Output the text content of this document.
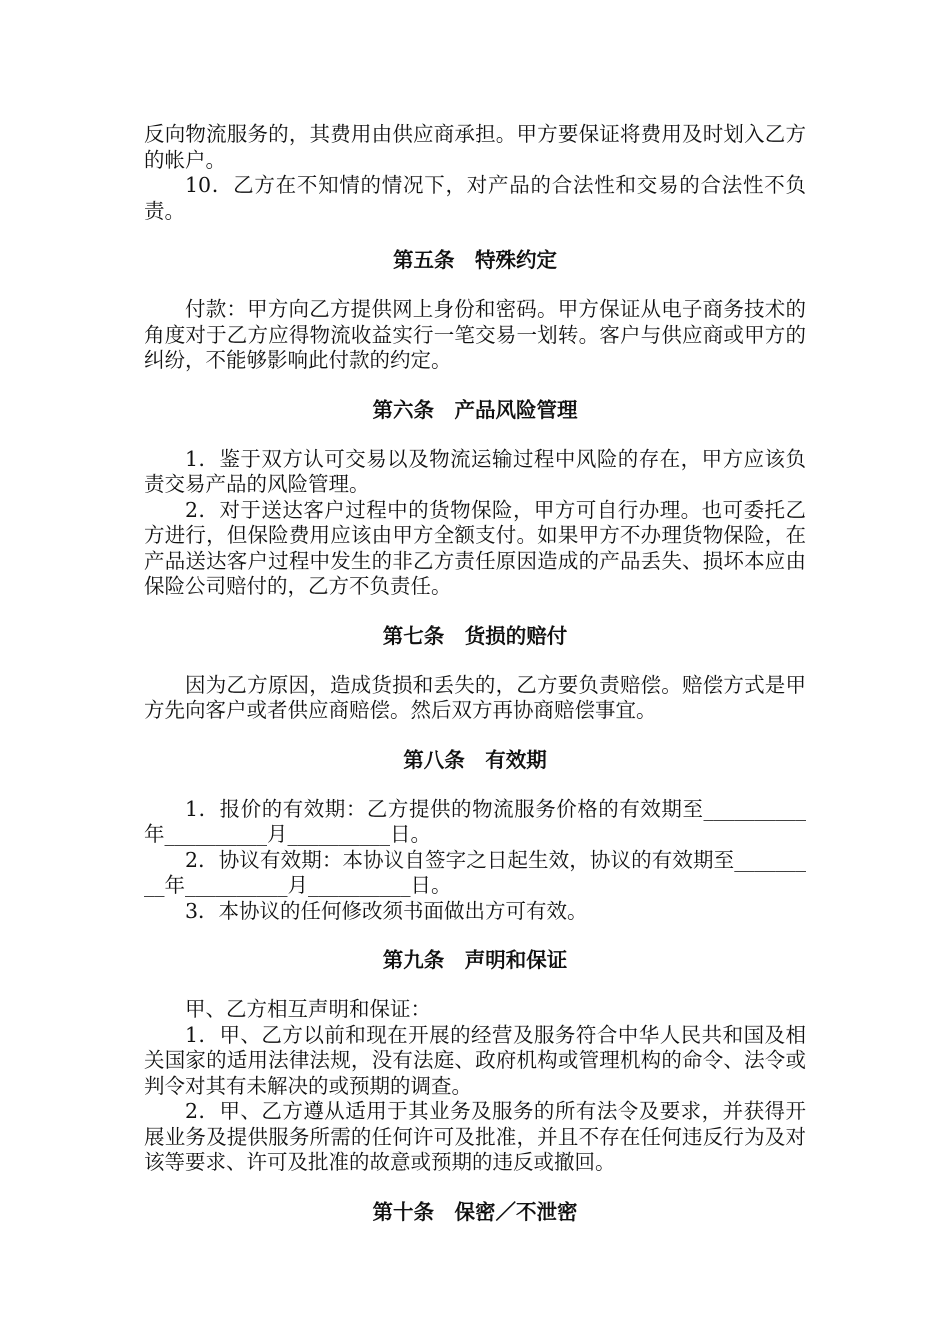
反向物流服务的，其费用由供应商承担。甲方要保证将费用及时划入乙方的帐户。

10．乙方在不知情的情况下，对产品的合法性和交易的合法性不负责。

第五条　特殊约定

付款：甲方向乙方提供网上身份和密码。甲方保证从电子商务技术的角度对于乙方应得物流收益实行一笔交易一划转。客户与供应商或甲方的纠纷，不能够影响此付款的约定。

第六条　产品风险管理

1．鉴于双方认可交易以及物流运输过程中风险的存在，甲方应该负责交易产品的风险管理。

2．对于送达客户过程中的货物保险，甲方可自行办理。也可委托乙方进行，但保险费用应该由甲方全额支付。如果甲方不办理货物保险，在产品送达客户过程中发生的非乙方责任原因造成的产品丢失、损坏本应由保险公司赔付的，乙方不负责任。

第七条　货损的赔付

因为乙方原因，造成货损和丢失的，乙方要负责赔偿。赔偿方式是甲方先向客户或者供应商赔偿。然后双方再协商赔偿事宜。

第八条　有效期

1．报价的有效期：乙方提供的物流服务价格的有效期至__________年__________月__________日。

2．协议有效期：本协议自签字之日起生效，协议的有效期至_________年__________月__________日。

3．本协议的任何修改须书面做出方可有效。

第九条　声明和保证

甲、乙方相互声明和保证：

1．甲、乙方以前和现在开展的经营及服务符合中华人民共和国及相关国家的适用法律法规，没有法庭、政府机构或管理机构的命令、法令或判令对其有未解决的或预期的调查。

2．甲、乙方遵从适用于其业务及服务的所有法令及要求，并获得开展业务及提供服务所需的任何许可及批准，并且不存在任何违反行为及对该等要求、许可及批准的故意或预期的违反或撤回。

第十条　保密／不泄密
